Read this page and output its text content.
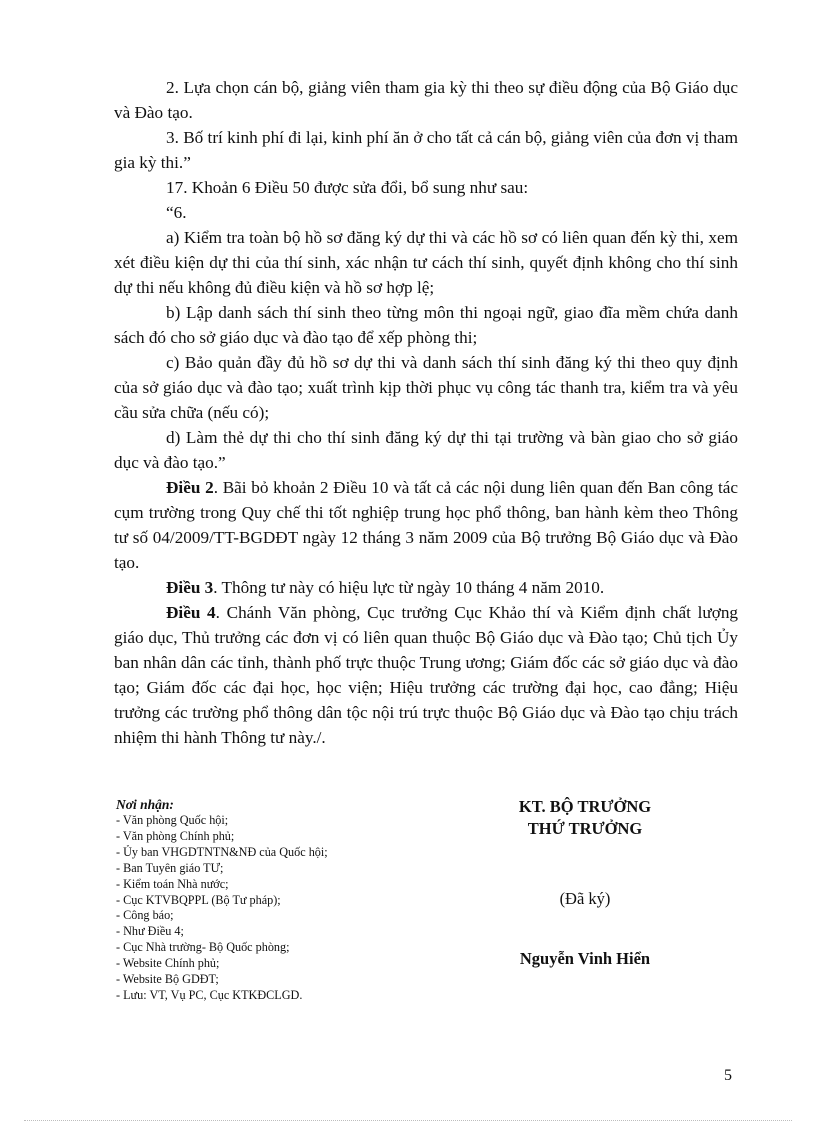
2. Lựa chọn cán bộ, giảng viên tham gia kỳ thi theo sự điều động của Bộ Giáo dục và Đào tạo.

3. Bố trí kinh phí đi lại, kinh phí ăn ở cho tất cả cán bộ, giảng viên của đơn vị tham gia kỳ thi.”

17. Khoản 6 Điều 50 được sửa đổi, bổ sung như sau:

“6.

a) Kiểm tra toàn bộ hồ sơ đăng ký dự thi và các hồ sơ có liên quan đến kỳ thi, xem xét điều kiện dự thi của thí sinh, xác nhận tư cách thí sinh, quyết định không cho thí sinh dự thi nếu không đủ điều kiện và hồ sơ hợp lệ;

b) Lập danh sách thí sinh theo từng môn thi ngoại ngữ, giao đĩa mềm chứa danh sách đó cho sở giáo dục và đào tạo để xếp phòng thi;

c) Bảo quản đầy đủ hồ sơ dự thi và danh sách thí sinh đăng ký thi theo quy định của sở giáo dục và đào tạo; xuất trình kịp thời phục vụ công tác thanh tra, kiểm tra và yêu cầu sửa chữa (nếu có);

d) Làm thẻ dự thi cho thí sinh đăng ký dự thi tại trường và bàn giao cho sở giáo dục và đào tạo.”

Điều 2. Bãi bỏ khoản 2 Điều 10 và tất cả các nội dung liên quan đến Ban công tác cụm trường trong Quy chế thi tốt nghiệp trung học phổ thông, ban hành kèm theo Thông tư số 04/2009/TT-BGDĐT ngày 12 tháng 3 năm 2009 của Bộ trưởng Bộ Giáo dục và Đào tạo.

Điều 3. Thông tư này có hiệu lực từ ngày 10 tháng 4 năm 2010.

Điều 4. Chánh Văn phòng, Cục trưởng Cục Khảo thí và Kiểm định chất lượng giáo dục, Thủ trưởng các đơn vị có liên quan thuộc Bộ Giáo dục và Đào tạo; Chủ tịch Ủy ban nhân dân các tỉnh, thành phố trực thuộc Trung ương; Giám đốc các sở giáo dục và đào tạo; Giám đốc các đại học, học viện; Hiệu trưởng các trường đại học, cao đẳng; Hiệu trưởng các trường phổ thông dân tộc nội trú trực thuộc Bộ Giáo dục và Đào tạo chịu trách nhiệm thi hành Thông tư này./.

Nơi nhận:
- Văn phòng Quốc hội;
- Văn phòng Chính phủ;
- Ủy ban VHGDTNTN&NĐ của Quốc hội;
- Ban Tuyên giáo TƯ;
- Kiểm toán Nhà nước;
- Cục KTVBQPPL (Bộ Tư pháp);
- Công báo;
- Như Điều 4;
- Cục Nhà trường- Bộ Quốc phòng;
- Website Chính phủ;
- Website Bộ GDĐT;
- Lưu: VT, Vụ PC, Cục KTKĐCLGD.
KT. BỘ TRƯỞNG
THỨ TRƯỞNG
(Đã ký)
Nguyễn Vinh Hiển
5
